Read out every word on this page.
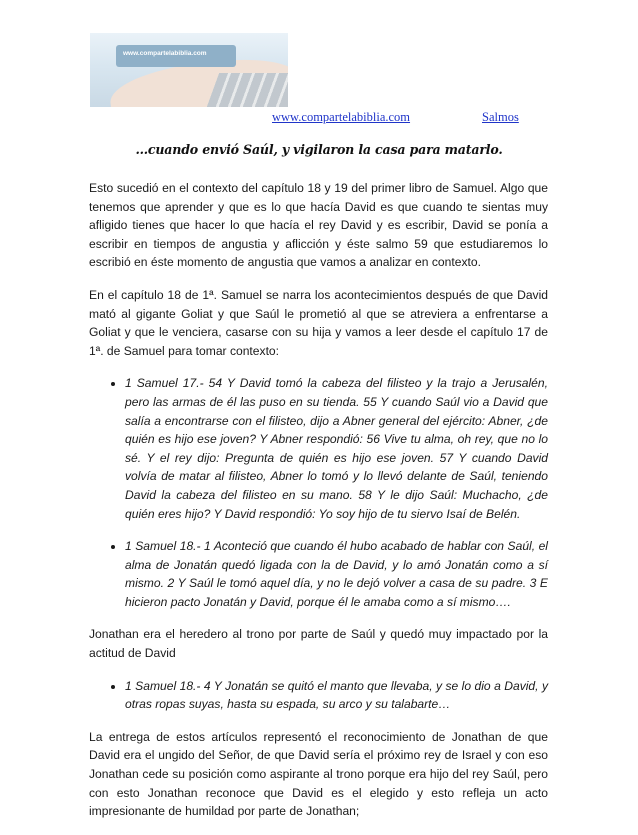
www.compartelabiblia.com
www.compartelabiblia.com	Salmos
…cuando envió Saúl, y vigilaron la casa para matarlo.

Esto sucedió en el contexto del capítulo 18 y 19 del primer libro de Samuel. Algo que tenemos que aprender y que es lo que hacía David es que cuando te sientas muy afligido tienes que hacer lo que hacía el rey David y es escribir, David se ponía a escribir en tiempos de angustia y aflicción y éste salmo 59 que estudiaremos lo escribió en éste momento de angustia que vamos a analizar en contexto.

En el capítulo 18 de 1ª. Samuel se narra los acontecimientos después de que David mató al gigante Goliat y que Saúl le prometió al que se atreviera a enfrentarse a Goliat y que le venciera, casarse con su hija y vamos a leer desde el capítulo 17 de 1ª. de Samuel para tomar contexto:

• 1 Samuel 17.- 54 Y David tomó la cabeza del filisteo y la trajo a Jerusalén, pero las armas de él las puso en su tienda. 55 Y cuando Saúl vio a David que salía a encontrarse con el filisteo, dijo a Abner general del ejército: Abner, ¿de quién es hijo ese joven? Y Abner respondió: 56 Vive tu alma, oh rey, que no lo sé. Y el rey dijo: Pregunta de quién es hijo ese joven. 57 Y cuando David volvía de matar al filisteo, Abner lo tomó y lo llevó delante de Saúl, teniendo David la cabeza del filisteo en su mano. 58 Y le dijo Saúl: Muchacho, ¿de quién eres hijo? Y David respondió: Yo soy hijo de tu siervo Isaí de Belén.
• 1 Samuel 18.- 1 Aconteció que cuando él hubo acabado de hablar con Saúl, el alma de Jonatán quedó ligada con la de David, y lo amó Jonatán como a sí mismo. 2 Y Saúl le tomó aquel día, y no le dejó volver a casa de su padre. 3 E hicieron pacto Jonatán y David, porque él le amaba como a sí mismo….

Jonathan era el heredero al trono por parte de Saúl y quedó muy impactado por la actitud de David

• 1 Samuel 18.- 4 Y Jonatán se quitó el manto que llevaba, y se lo dio a David, y otras ropas suyas, hasta su espada, su arco y su talabarte…

La entrega de estos artículos representó el reconocimiento de Jonathan de que David era el ungido del Señor, de que David sería el próximo rey de Israel y con eso Jonathan cede su posición como aspirante al trono porque era hijo del rey Saúl, pero con esto Jonathan reconoce que David es el elegido y esto refleja un acto impresionante de humildad por parte de Jonathan;
